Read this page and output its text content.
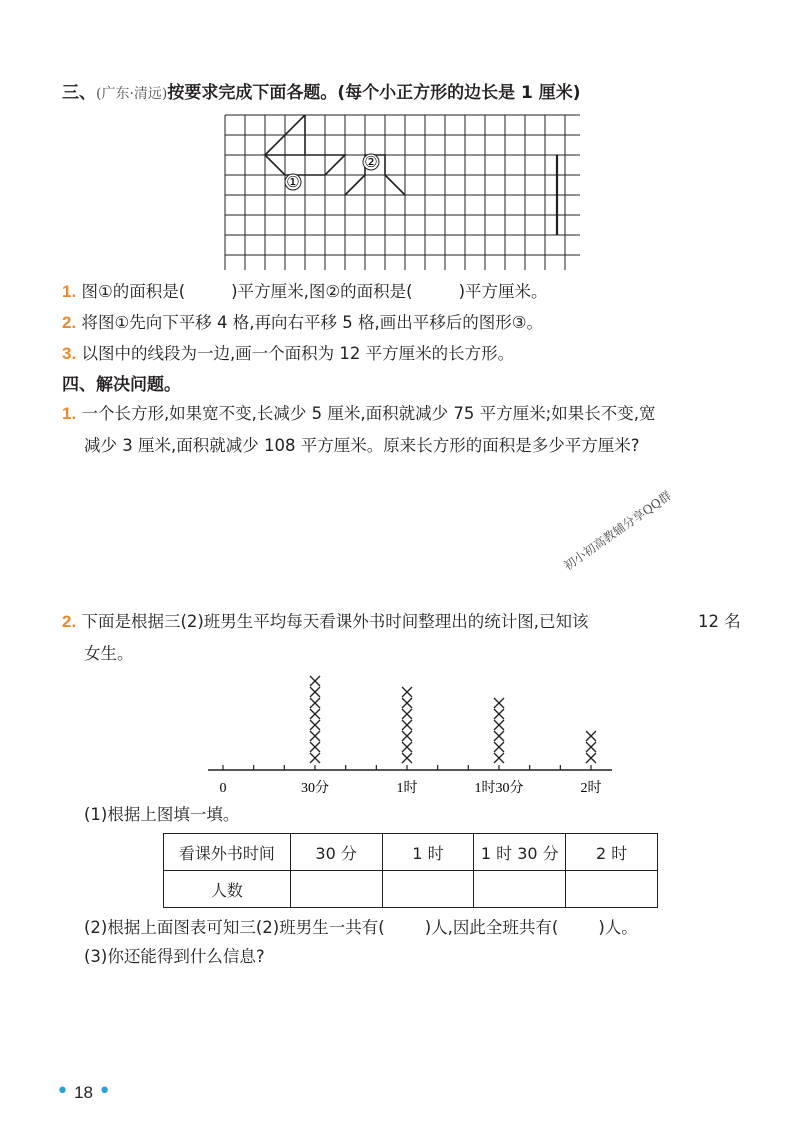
三、(广东·清远)按要求完成下面各题。(每个小正方形的边长是 1 厘米)
①
②
1. 图①的面积是(	)平方厘米,图②的面积是(	)平方厘米。
2. 将图①先向下平移 4 格,再向右平移 5 格,画出平移后的图形③。
3. 以图中的线段为一边,画一个面积为 12 平方厘米的长方形。
四、解决问题。
1. 一个长方形,如果宽不变,长减少 5 厘米,面积就减少 75 平方厘米;如果长不变,宽
减少 3 厘米,面积就减少 108 平方厘米。原来长方形的面积是多少平方厘米?
初小初高教辅分享QQ群
2. 下面是根据三(2)班男生平均每天看课外书时间整理出的统计图,已知该	12 名
女生。
0	30分	1时	1时30分	2时
(1)根据上图填一填。
看课外书时间	30 分	1 时	1 时 30 分	2 时
人数				
(2)根据上面图表可知三(2)班男生一共有( )人,因此全班共有( )人。
(3)你还能得到什么信息?
• 18 •
